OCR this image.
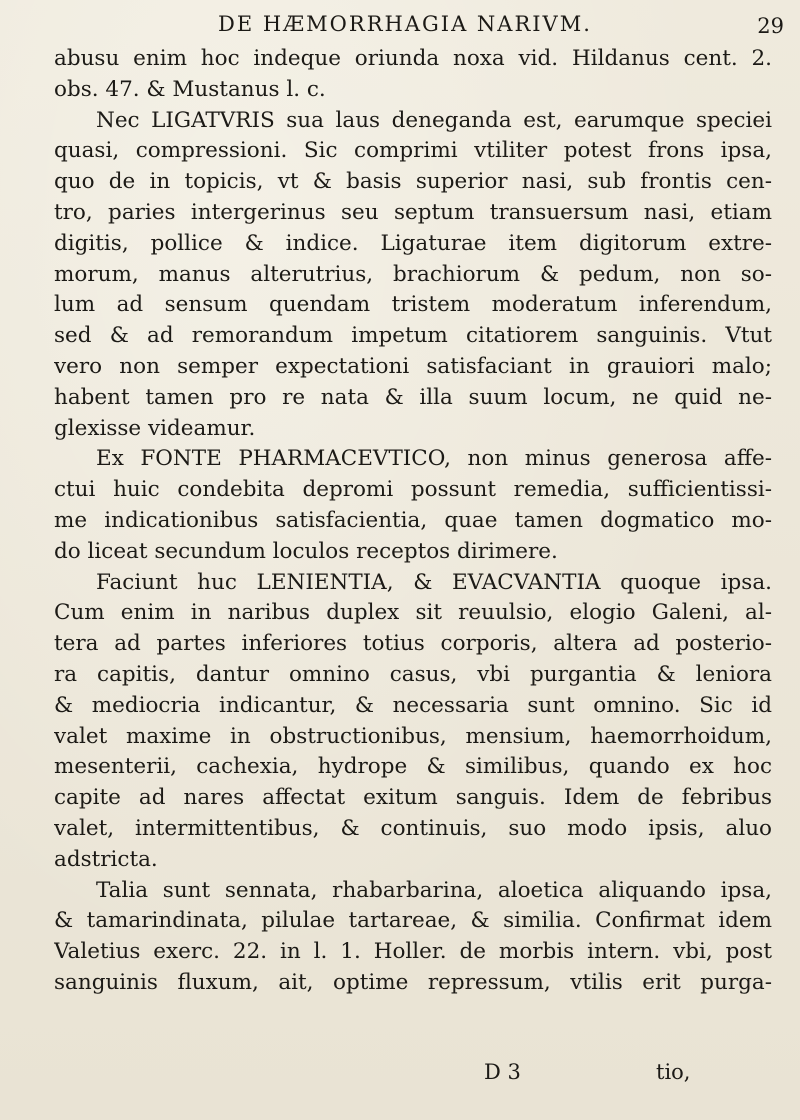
DE HÆMORRHAGIA NARIVM.	29
abusu enim hoc indeque oriunda noxa vid. Hildanus cent. 2.
obs. 47. & Mustanus l. c.
Nec LIGATVRIS sua laus deneganda est, earumque speciei
quasi, compressioni. Sic comprimi vtiliter potest frons ipsa,
quo de in topicis, vt & basis superior nasi, sub frontis cen-
tro, paries intergerinus seu septum transuersum nasi, etiam
digitis, pollice & indice. Ligaturae item digitorum extre-
morum, manus alterutrius, brachiorum & pedum, non so-
lum ad sensum quendam tristem moderatum inferendum,
sed & ad remorandum impetum citatiorem sanguinis. Vtut
vero non semper expectationi satisfaciant in grauiori malo;
habent tamen pro re nata & illa suum locum, ne quid ne-
glexisse videamur.
Ex FONTE PHARMACEVTICO, non minus generosa affe-
ctui huic condebita depromi possunt remedia, sufficientissi-
me indicationibus satisfacientia, quae tamen dogmatico mo-
do liceat secundum loculos receptos dirimere.
Faciunt huc LENIENTIA, & EVACVANTIA quoque ipsa.
Cum enim in naribus duplex sit reuulsio, elogio Galeni, al-
tera ad partes inferiores totius corporis, altera ad posterio-
ra capitis, dantur omnino casus, vbi purgantia & leniora
& mediocria indicantur, & necessaria sunt omnino. Sic id
valet maxime in obstructionibus, mensium, haemorrhoidum,
mesenterii, cachexia, hydrope & similibus, quando ex hoc
capite ad nares affectat exitum sanguis. Idem de febribus
valet, intermittentibus, & continuis, suo modo ipsis, aluo
adstricta.
Talia sunt sennata, rhabarbarina, aloetica aliquando ipsa,
& tamarindinata, pilulae tartareae, & similia. Confirmat idem
Valetius exerc. 22. in l. 1. Holler. de morbis intern. vbi, post
sanguinis fluxum, ait, optime repressum, vtilis erit purga-
D 3	tio,
